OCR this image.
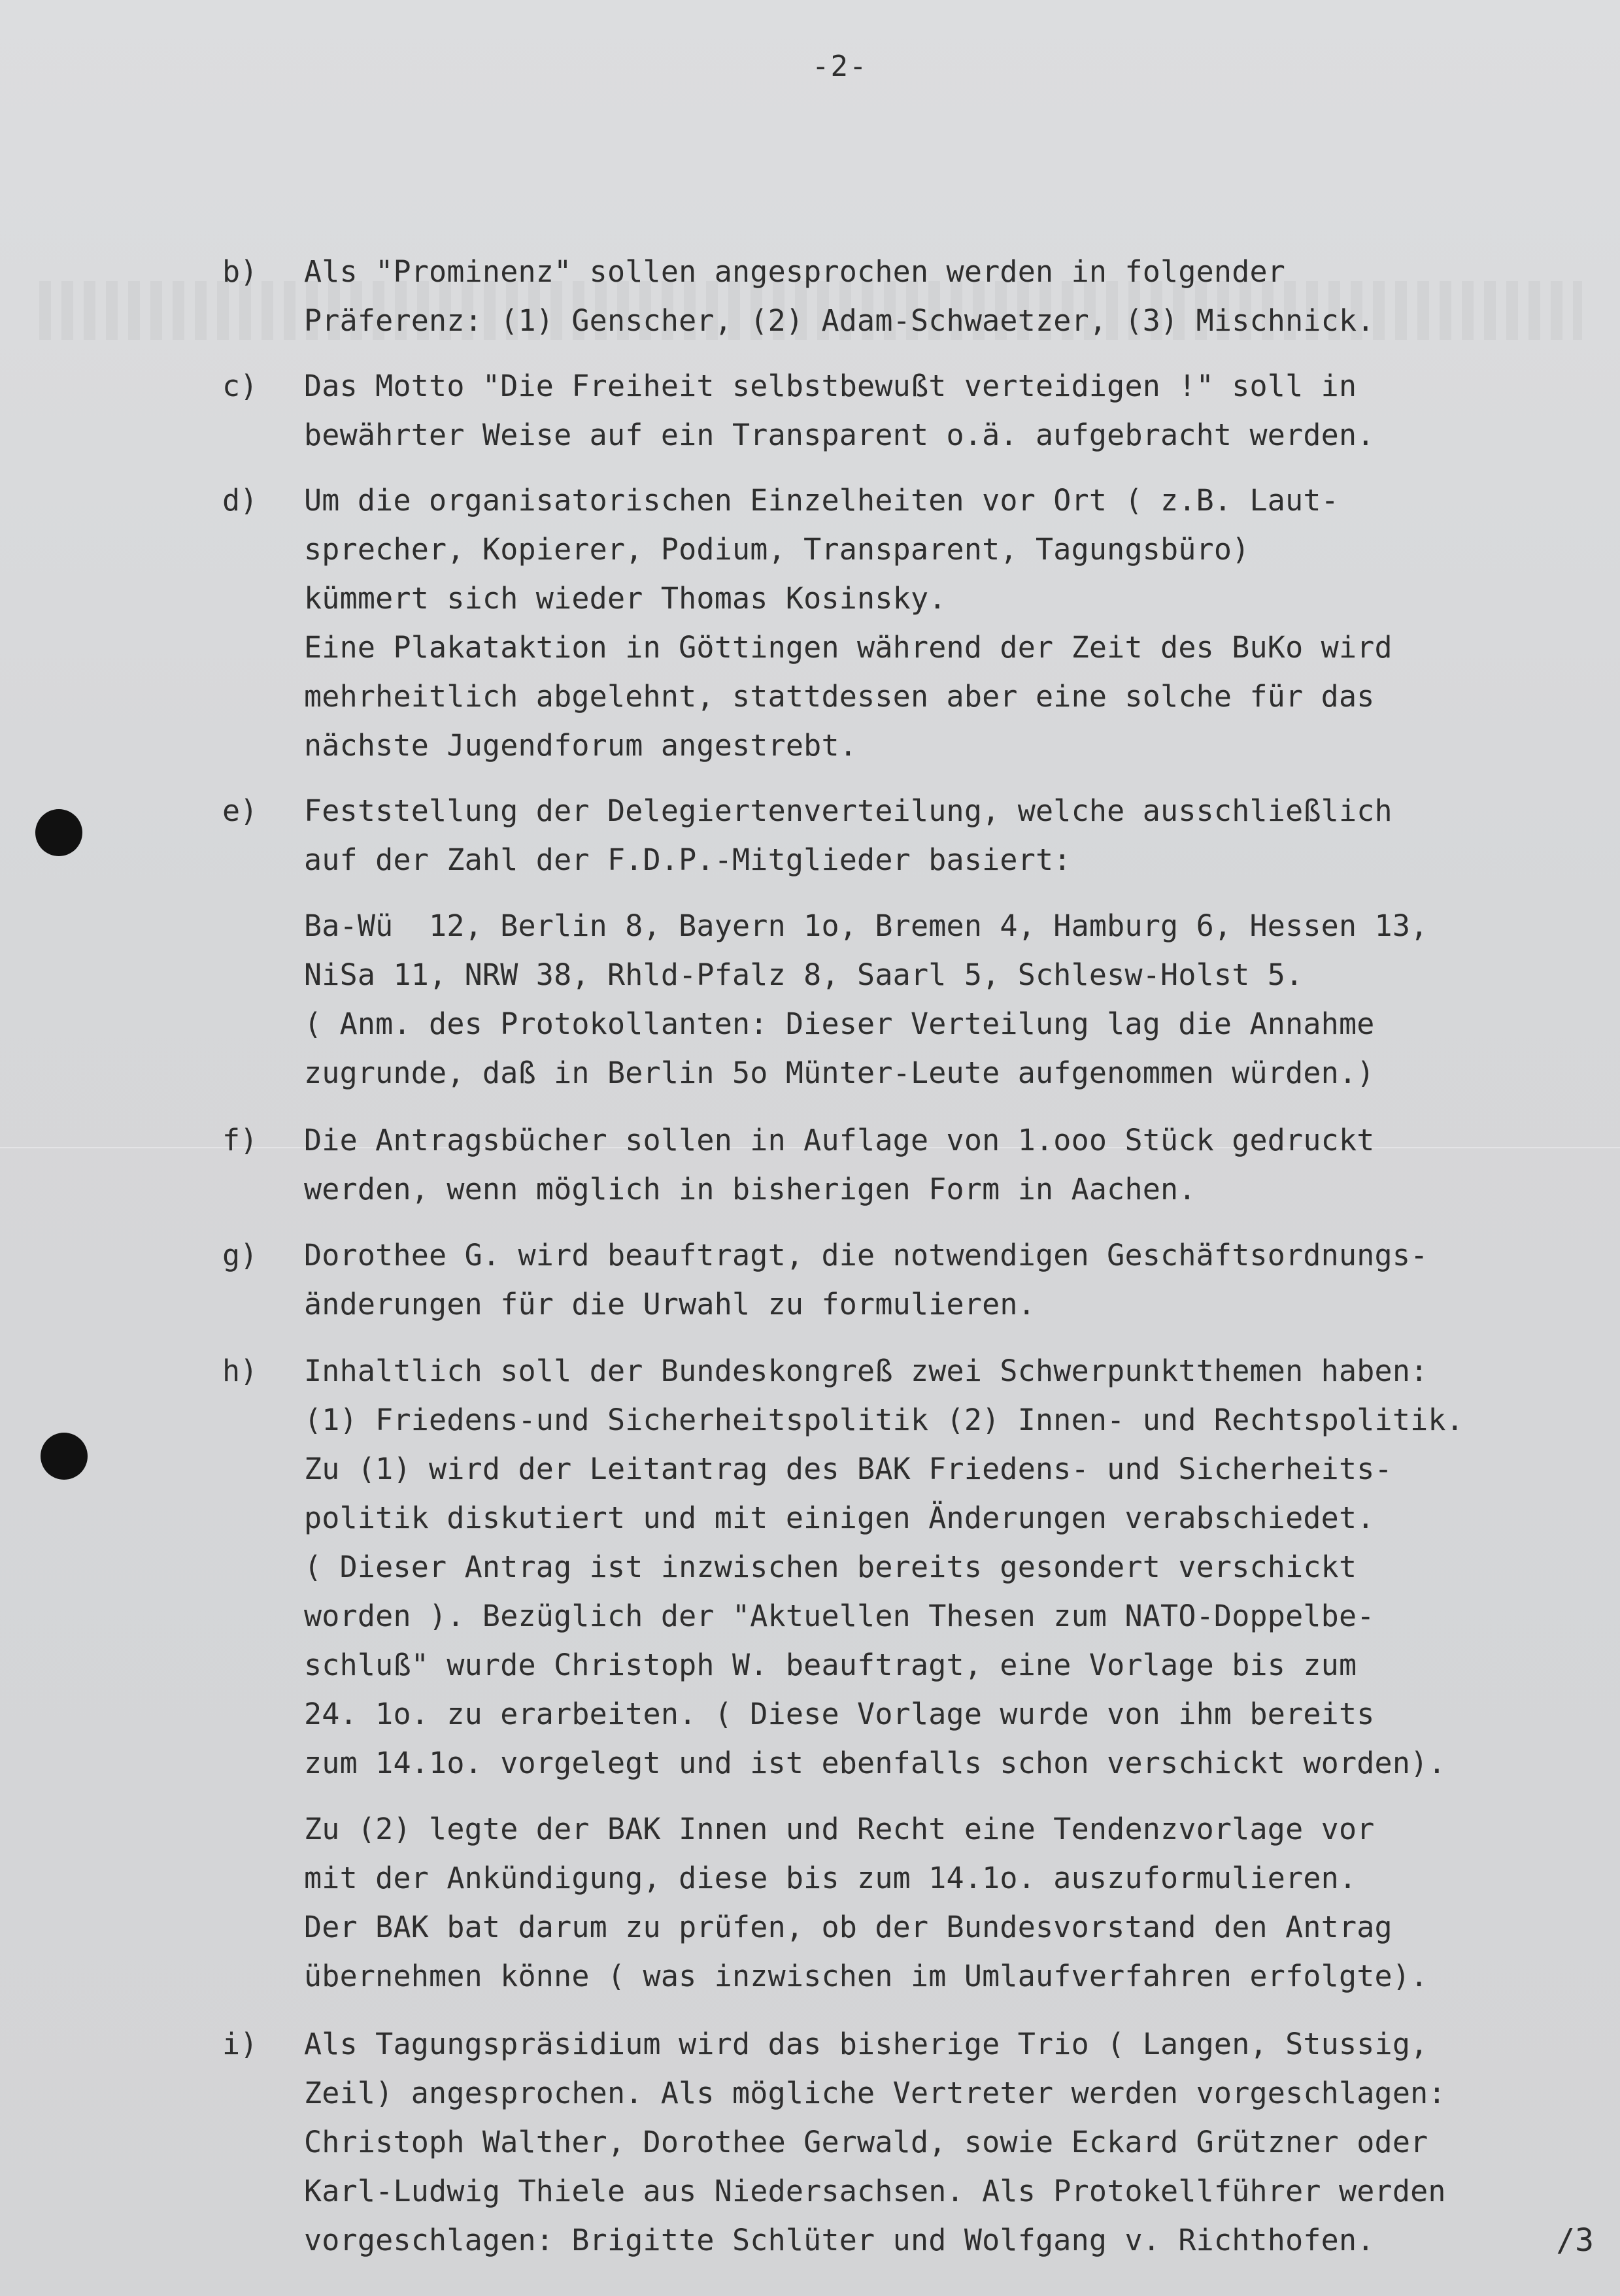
-2-
b) Als "Prominenz" sollen angesprochen werden in folgender
Präferenz: (1) Genscher, (2) Adam-Schwaetzer, (3) Mischnick.
c) Das Motto "Die Freiheit selbstbewußt verteidigen !" soll in
bewährter Weise auf ein Transparent o.ä. aufgebracht werden.
d) Um die organisatorischen Einzelheiten vor Ort ( z.B. Laut-
sprecher, Kopierer, Podium, Transparent, Tagungsbüro)
kümmert sich wieder Thomas Kosinsky.
Eine Plakataktion in Göttingen während der Zeit des BuKo wird
mehrheitlich abgelehnt, stattdessen aber eine solche für das
nächste Jugendforum angestrebt.
e) Feststellung der Delegiertenverteilung, welche ausschließlich
auf der Zahl der F.D.P.-Mitglieder basiert:
Ba-Wü  12, Berlin 8, Bayern 1o, Bremen 4, Hamburg 6, Hessen 13,
NiSa 11, NRW 38, Rhld-Pfalz 8, Saarl 5, Schlesw-Holst 5.
( Anm. des Protokollanten: Dieser Verteilung lag die Annahme
zugrunde, daß in Berlin 5o Münter-Leute aufgenommen würden.)
f) Die Antragsbücher sollen in Auflage von 1.ooo Stück gedruckt
werden, wenn möglich in bisherigen Form in Aachen.
g) Dorothee G. wird beauftragt, die notwendigen Geschäftsordnungs-
änderungen für die Urwahl zu formulieren.
h) Inhaltlich soll der Bundeskongreß zwei Schwerpunktthemen haben:
(1) Friedens-und Sicherheitspolitik (2) Innen- und Rechtspolitik.
Zu (1) wird der Leitantrag des BAK Friedens- und Sicherheits-
politik diskutiert und mit einigen Änderungen verabschiedet.
( Dieser Antrag ist inzwischen bereits gesondert verschickt
worden ). Bezüglich der "Aktuellen Thesen zum NATO-Doppelbe-
schluß" wurde Christoph W. beauftragt, eine Vorlage bis zum
24. 1o. zu erarbeiten. ( Diese Vorlage wurde von ihm bereits
zum 14.1o. vorgelegt und ist ebenfalls schon verschickt worden).
Zu (2) legte der BAK Innen und Recht eine Tendenzvorlage vor
mit der Ankündigung, diese bis zum 14.1o. auszuformulieren.
Der BAK bat darum zu prüfen, ob der Bundesvorstand den Antrag
übernehmen könne ( was inzwischen im Umlaufverfahren erfolgte).
i) Als Tagungspräsidium wird das bisherige Trio ( Langen, Stussig,
Zeil) angesprochen. Als mögliche Vertreter werden vorgeschlagen:
Christoph Walther, Dorothee Gerwald, sowie Eckard Grützner oder
Karl-Ludwig Thiele aus Niedersachsen. Als Protokellführer werden
vorgeschlagen: Brigitte Schlüter und Wolfgang v. Richthofen.	/3
